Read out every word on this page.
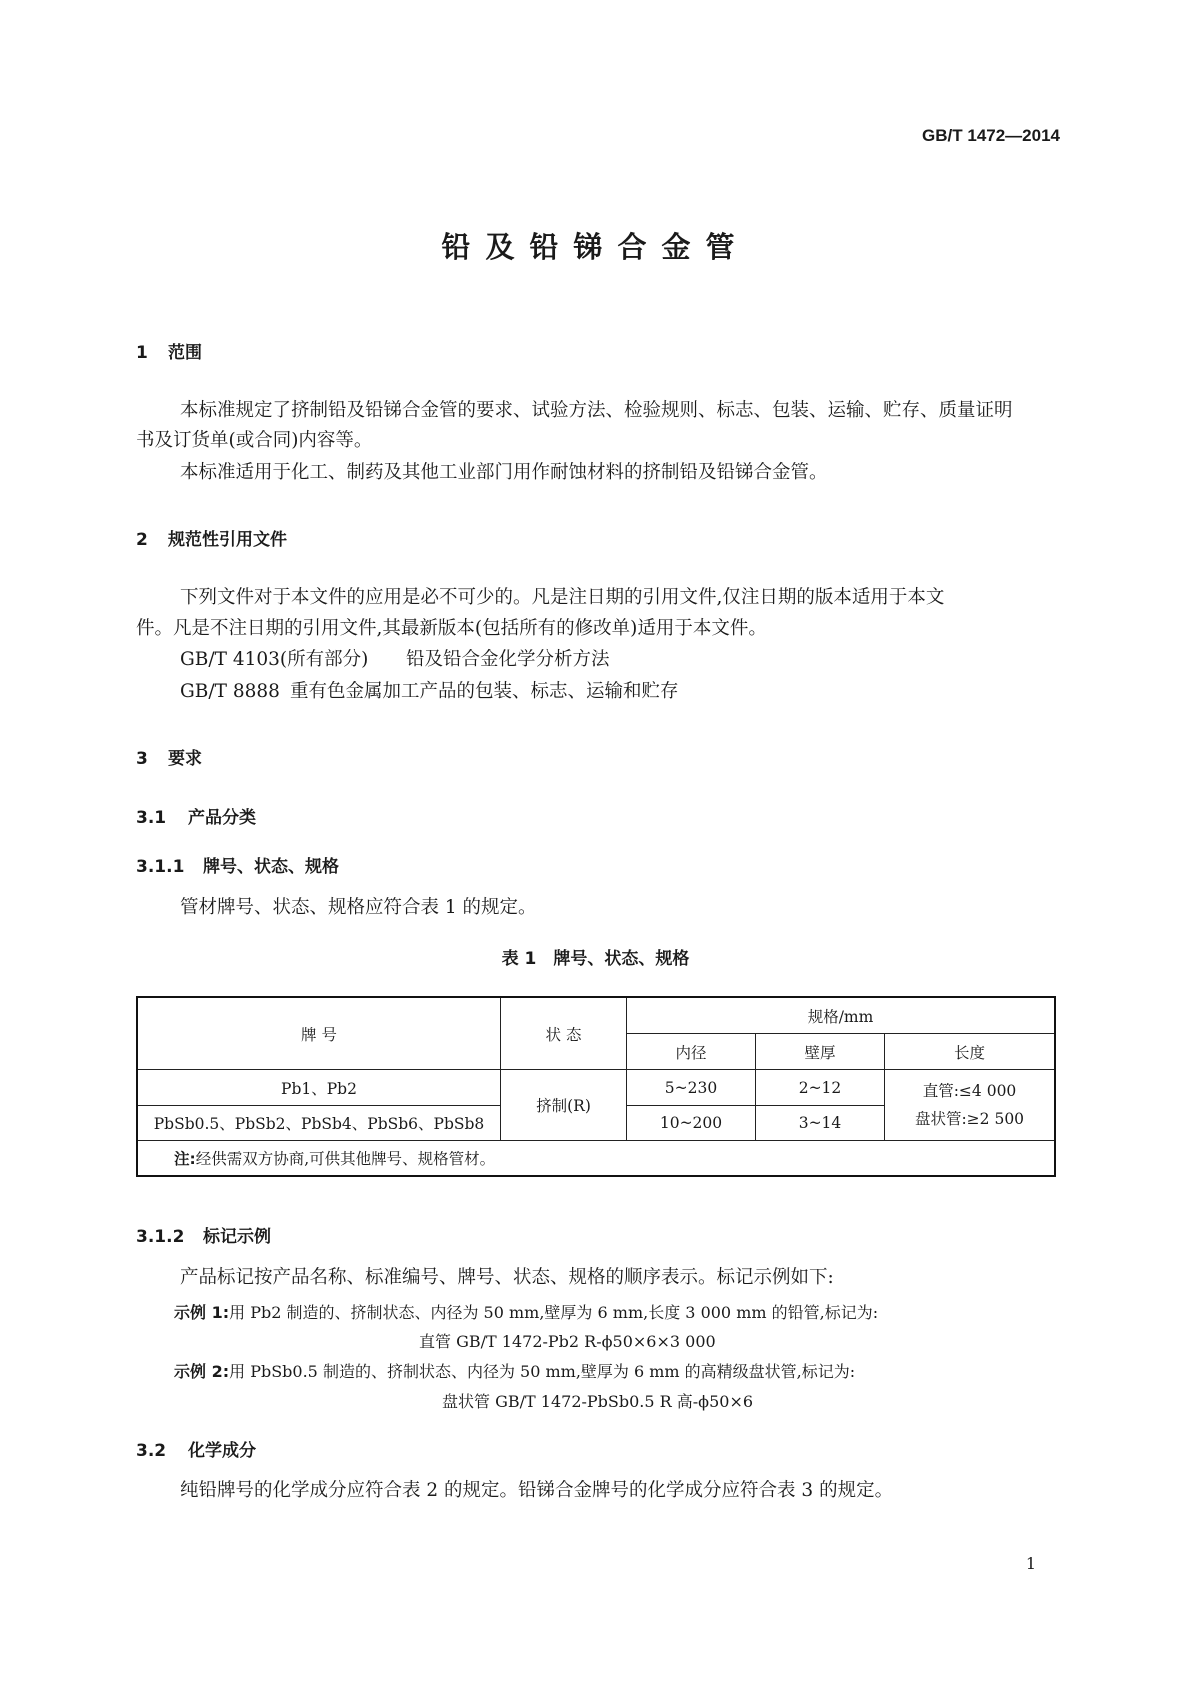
GB/T 1472—2014
铅及铅锑合金管
1 范围
本标准规定了挤制铅及铅锑合金管的要求、试验方法、检验规则、标志、包装、运输、贮存、质量证明
书及订货单(或合同)内容等。
本标准适用于化工、制药及其他工业部门用作耐蚀材料的挤制铅及铅锑合金管。
2 规范性引用文件
下列文件对于本文件的应用是必不可少的。凡是注日期的引用文件,仅注日期的版本适用于本文
件。凡是不注日期的引用文件,其最新版本(包括所有的修改单)适用于本文件。
GB/T 4103(所有部分) 铅及铅合金化学分析方法
GB/T 8888 重有色金属加工产品的包装、标志、运输和贮存
3 要求
3.1 产品分类
3.1.1 牌号、状态、规格
管材牌号、状态、规格应符合表 1 的规定。
表 1　牌号、状态、规格
牌 号	状 态	规格/mm		
		内径	壁厚	长度
Pb1、Pb2	挤制(R)	5~230	2~12	直管:≤4 000
盘状管:≥2 500

PbSb0.5、PbSb2、PbSb4、PbSb6、PbSb8		10~200	3~14	
注:经供需双方协商,可供其他牌号、规格管材。				
3.1.2 标记示例
产品标记按产品名称、标准编号、牌号、状态、规格的顺序表示。标记示例如下:
示例 1:用 Pb2 制造的、挤制状态、内径为 50 mm,壁厚为 6 mm,长度 3 000 mm 的铅管,标记为:
直管 GB/T 1472-Pb2 R-ϕ50×6×3 000
示例 2:用 PbSb0.5 制造的、挤制状态、内径为 50 mm,壁厚为 6 mm 的高精级盘状管,标记为:
盘状管 GB/T 1472-PbSb0.5 R 高-ϕ50×6
3.2 化学成分
纯铅牌号的化学成分应符合表 2 的规定。铅锑合金牌号的化学成分应符合表 3 的规定。
1
